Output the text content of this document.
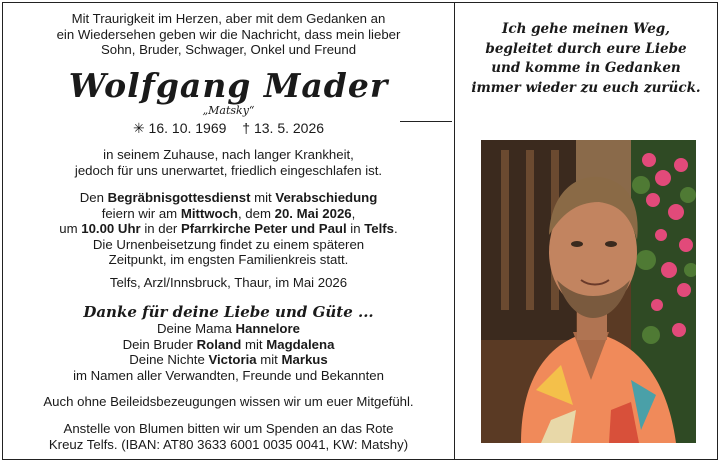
Mit Traurigkeit im Herzen, aber mit dem Gedanken an
ein Wiedersehen geben wir die Nachricht, dass mein lieber
Sohn, Bruder, Schwager, Onkel und Freund
Wolfgang Mader
„Matsky“
✳ 16. 10. 1969 † 13. 5. 2026
in seinem Zuhause, nach langer Krankheit,
jedoch für uns unerwartet, friedlich eingeschlafen ist.
Den Begräbnisgottesdienst mit Verabschiedung
feiern wir am Mittwoch, dem 20. Mai 2026,
um 10.00 Uhr in der Pfarrkirche Peter und Paul in Telfs.
Die Urnenbeisetzung findet zu einem späteren
Zeitpunkt, im engsten Familienkreis statt.
Telfs, Arzl/Innsbruck, Thaur, im Mai 2026
Danke für deine Liebe und Güte ...
Deine Mama Hannelore
Dein Bruder Roland mit Magdalena
Deine Nichte Victoria mit Markus
im Namen aller Verwandten, Freunde und Bekannten
Auch ohne Beileidsbezeugungen wissen wir um euer Mitgefühl.
Anstelle von Blumen bitten wir um Spenden an das Rote
Kreuz Telfs. (IBAN: AT80 3633 6001 0035 0041, KW: Matshy)
Ich gehe meinen Weg,
begleitet durch eure Liebe
und komme in Gedanken
immer wieder zu euch zurück.
